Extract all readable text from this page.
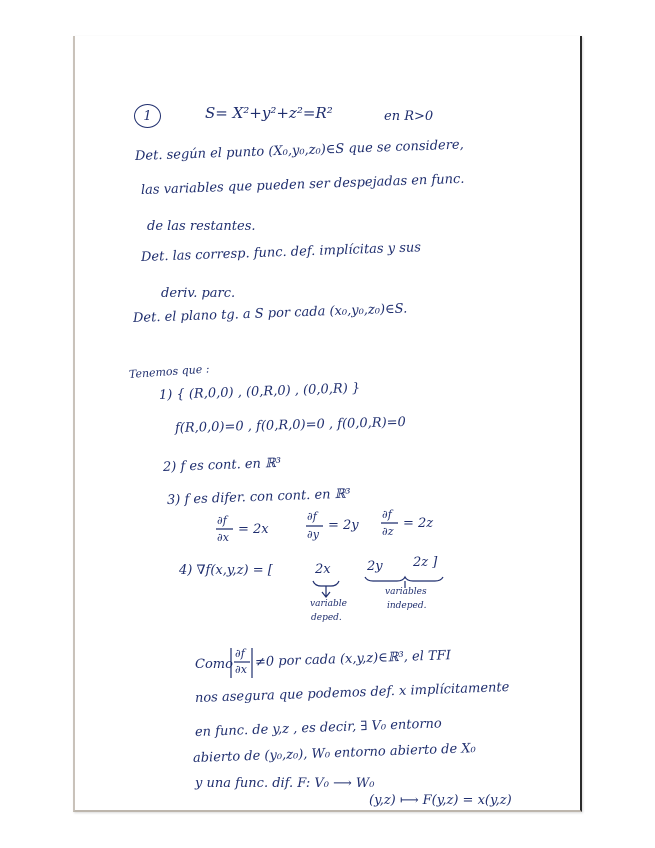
1	S= X²+y²+z²=R²	en R>0
Det. según el punto (X₀,y₀,z₀)∈S que se considere,
las variables que pueden ser despejadas en func.
de las restantes.
Det. las corresp. func. def. implícitas y sus
deriv. parc.
Det. el plano tg. a S por cada (x₀,y₀,z₀)∈S.
Tenemos que :
1) { (R,0,0) , (0,R,0) , (0,0,R) }
f(R,0,0)=0 , f(0,R,0)=0 , f(0,0,R)=0
2) f es cont. en ℝ³
3) f es difer. con cont. en ℝ³
∂f
∂x
= 2x
∂f
∂y
= 2y
∂f
∂z
= 2z
4) ∇f(x,y,z) = [	2x	2y 2z ]
variable
deped.
variables
indeped.
Como
∂f
∂x ≠0 por cada (x,y,z)∈ℝ³, el TFI
nos asegura que podemos def. x implícitamente
en func. de y,z , es decir, ∃ V₀ entorno
abierto de (y₀,z₀), W₀ entorno abierto de X₀
y una func. dif. F: V₀ ⟶ W₀
(y,z) ⟼ F(y,z) = x(y,z)
